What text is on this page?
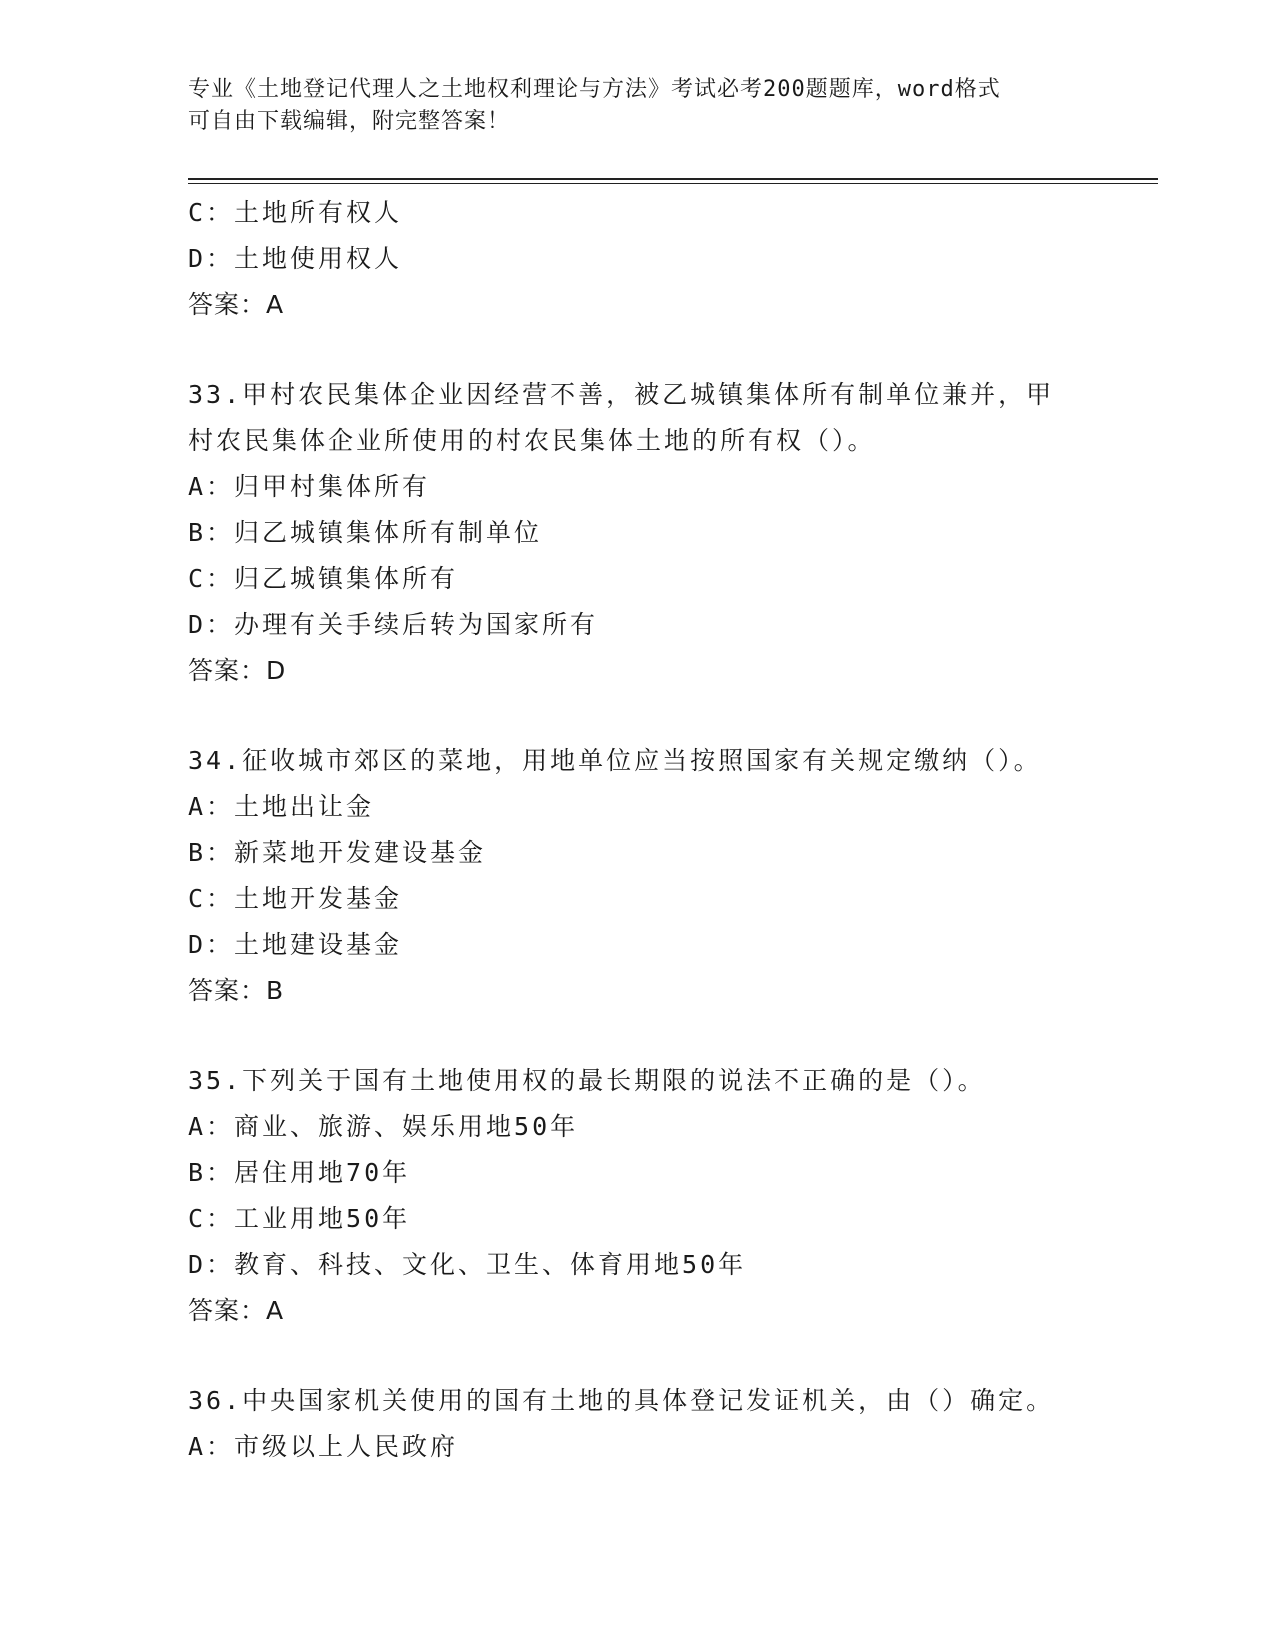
专业《土地登记代理人之土地权利理论与方法》考试必考200题题库，word格式
可自由下载编辑，附完整答案！
C：土地所有权人
D：土地使用权人
答案：A
33.甲村农民集体企业因经营不善，被乙城镇集体所有制单位兼并，甲
村农民集体企业所使用的村农民集体土地的所有权（）。
A：归甲村集体所有
B：归乙城镇集体所有制单位
C：归乙城镇集体所有
D：办理有关手续后转为国家所有
答案：D
34.征收城市郊区的菜地，用地单位应当按照国家有关规定缴纳（）。
A：土地出让金
B：新菜地开发建设基金
C：土地开发基金
D：土地建设基金
答案：B
35.下列关于国有土地使用权的最长期限的说法不正确的是（）。
A：商业、旅游、娱乐用地50年
B：居住用地70年
C：工业用地50年
D：教育、科技、文化、卫生、体育用地50年
答案：A
36.中央国家机关使用的国有土地的具体登记发证机关，由（）确定。
A：市级以上人民政府
